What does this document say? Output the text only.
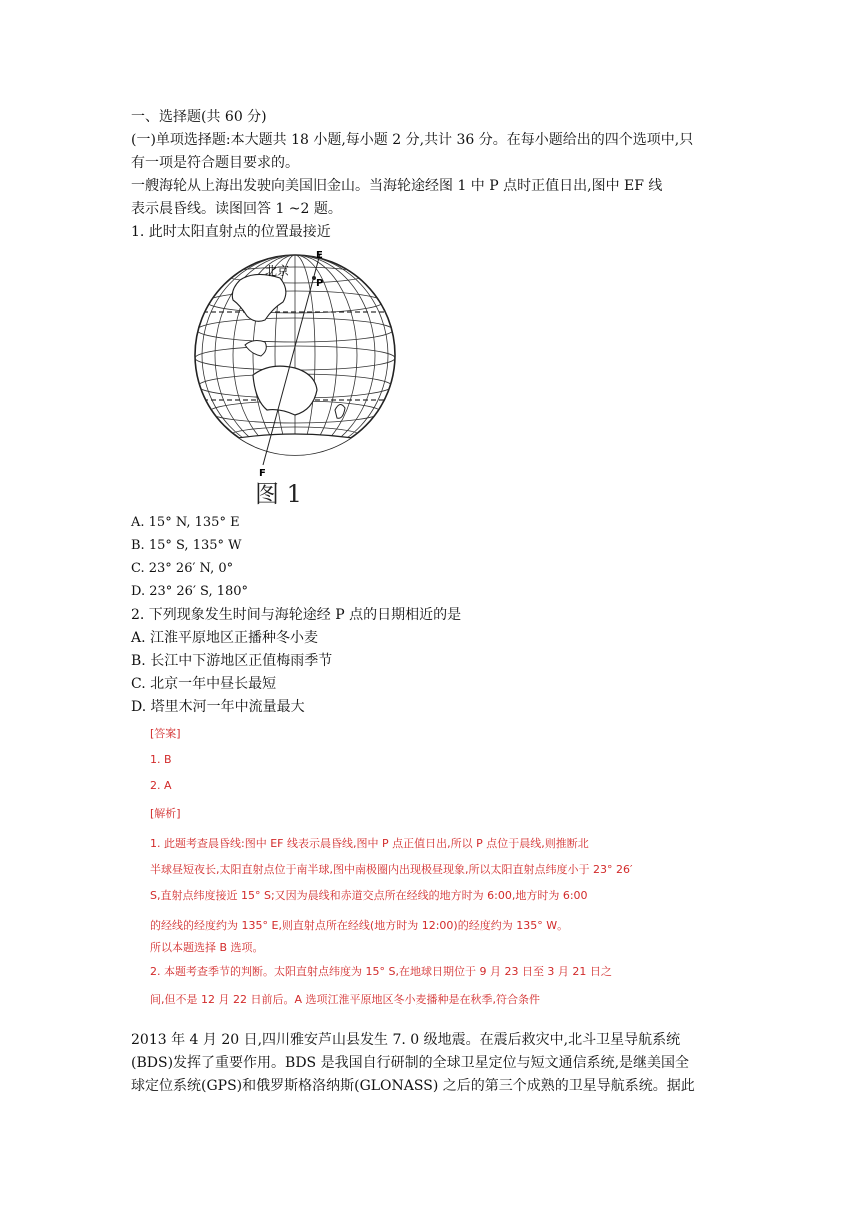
一、选择题(共 60 分)
(一)单项选择题:本大题共 18 小题,每小题 2 分,共计 36 分。在每小题给出的四个选项中,只
有一项是符合题目要求的。
一艘海轮从上海出发驶向美国旧金山。当海轮途经图 1 中 P 点时正值日出,图中 EF 线
表示晨昏线。读图回答 1 ~2 题。
1. 此时太阳直射点的位置最接近
北京
E
P
F
图 1
A. 15° N, 135° E
B. 15° S, 135° W
C. 23° 26′ N, 0°
D. 23° 26′ S, 180°
2. 下列现象发生时间与海轮途经 P 点的日期相近的是
A. 江淮平原地区正播种冬小麦
B. 长江中下游地区正值梅雨季节
C. 北京一年中昼长最短
D. 塔里木河一年中流量最大
[答案]
1. B
2. A
[解析]
1. 此题考查晨昏线:图中 EF 线表示晨昏线,图中 P 点正值日出,所以 P 点位于晨线,则推断北
半球昼短夜长,太阳直射点位于南半球,图中南极圈内出现极昼现象,所以太阳直射点纬度小于 23° 26′
S,直射点纬度接近 15° S;又因为晨线和赤道交点所在经线的地方时为 6:00,地方时为 6:00
的经线的经度约为 135° E,则直射点所在经线(地方时为 12:00)的经度约为 135° W。
所以本题选择 B 选项。
2. 本题考查季节的判断。太阳直射点纬度为 15° S,在地球日期位于 9 月 23 日至 3 月 21 日之
间,但不是 12 月 22 日前后。A 选项江淮平原地区冬小麦播种是在秋季,符合条件
2013 年 4 月 20 日,四川雅安芦山县发生 7. 0 级地震。在震后救灾中,北斗卫星导航系统
(BDS)发挥了重要作用。BDS 是我国自行研制的全球卫星定位与短文通信系统,是继美国全
球定位系统(GPS)和俄罗斯格洛纳斯(GLONASS) 之后的第三个成熟的卫星导航系统。据此
